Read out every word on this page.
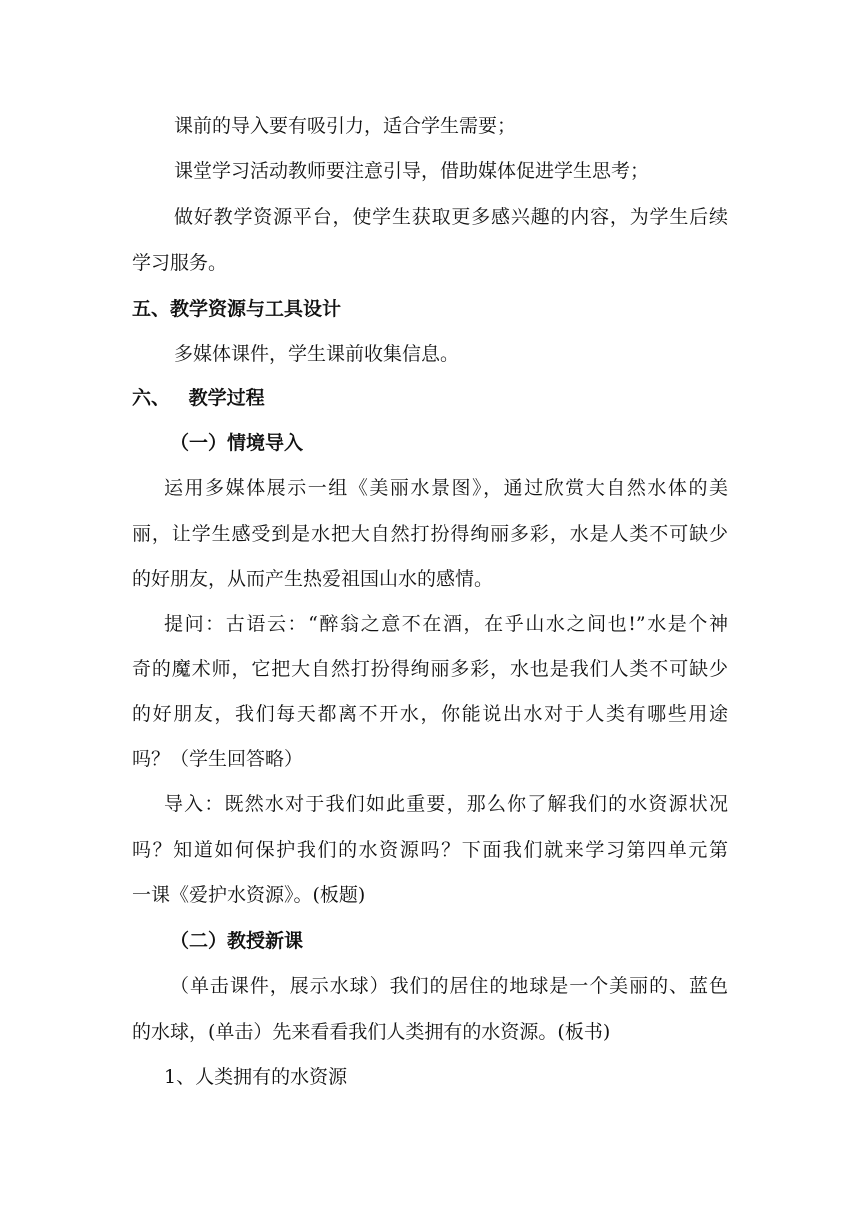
课前的导入要有吸引力，适合学生需要；

课堂学习活动教师要注意引导，借助媒体促进学生思考；

做好教学资源平台，使学生获取更多感兴趣的内容，为学生后续

学习服务。

五、教学资源与工具设计

多媒体课件，学生课前收集信息。

六、 教学过程

（一）情境导入

运用多媒体展示一组《美丽水景图》，通过欣赏大自然水体的美

丽，让学生感受到是水把大自然打扮得绚丽多彩，水是人类不可缺少

的好朋友，从而产生热爱祖国山水的感情。

提问：古语云：“醉翁之意不在酒，在乎山水之间也!”水是个神

奇的魔术师，它把大自然打扮得绚丽多彩，水也是我们人类不可缺少

的好朋友，我们每天都离不开水，你能说出水对于人类有哪些用途

吗？（学生回答略）

导入：既然水对于我们如此重要，那么你了解我们的水资源状况

吗？知道如何保护我们的水资源吗？下面我们就来学习第四单元第

一课《爱护水资源》。(板题)

（二）教授新课

（单击课件，展示水球）我们的居住的地球是一个美丽的、蓝色

的水球，(单击）先来看看我们人类拥有的水资源。(板书)

1、人类拥有的水资源
